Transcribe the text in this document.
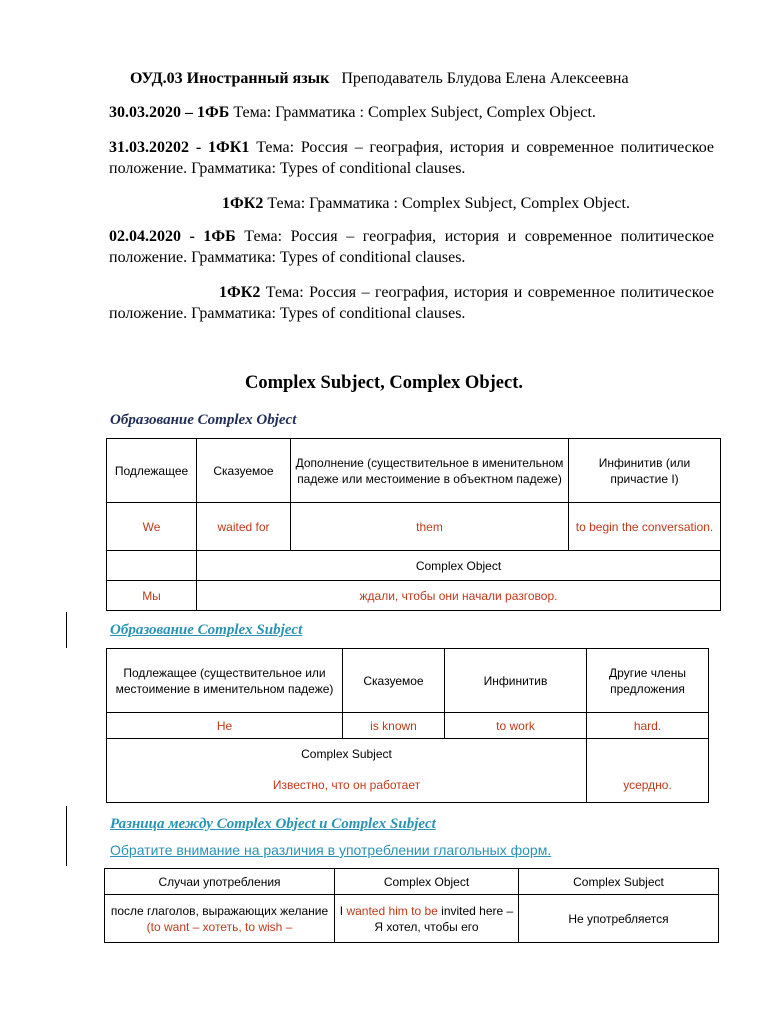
ОУД.03 Иностранный язык Преподаватель Блудова Елена Алексеевна
30.03.2020 – 1ФБ Тема: Грамматика : Complex Subject, Complex Object.
31.03.20202 - 1ФК1 Тема: Россия – география, история и современное политическое положение. Грамматика: Types of conditional clauses.
1ФК2 Тема: Грамматика : Complex Subject, Complex Object.
02.04.2020 - 1ФБ Тема: Россия – география, история и современное политическое положение. Грамматика: Types of conditional clauses.
1ФК2 Тема: Россия – география, история и современное политическое положение. Грамматика: Types of conditional clauses.
Complex Subject, Complex Object.
Образование Complex Object
Подлежащее	Сказуемое	Дополнение (существительное в именительном падеже или местоимение в объектном падеже)	Инфинитив (или причастие I)
We	waited for	them	to begin the conversation.
	Complex Object		
Мы	ждали, чтобы они начали разговор.		
Образование Complex Subject
Подлежащее (существительное или местоимение в именительном падеже)	Сказуемое	Инфинитив	Другие члены предложения
He	is known	to work	hard.
Complex Subject			
Известно, что он работает			усердно.
Разница между Complex Object и Complex Subject
Обратите внимание на различия в употреблении глагольных форм.
Случаи употребления	Complex Object	Complex Subject
после глаголов, выражающих желание (to want – хотеть, to wish –	I wanted him to be invited here – Я хотел, чтобы его	Не употребляется
